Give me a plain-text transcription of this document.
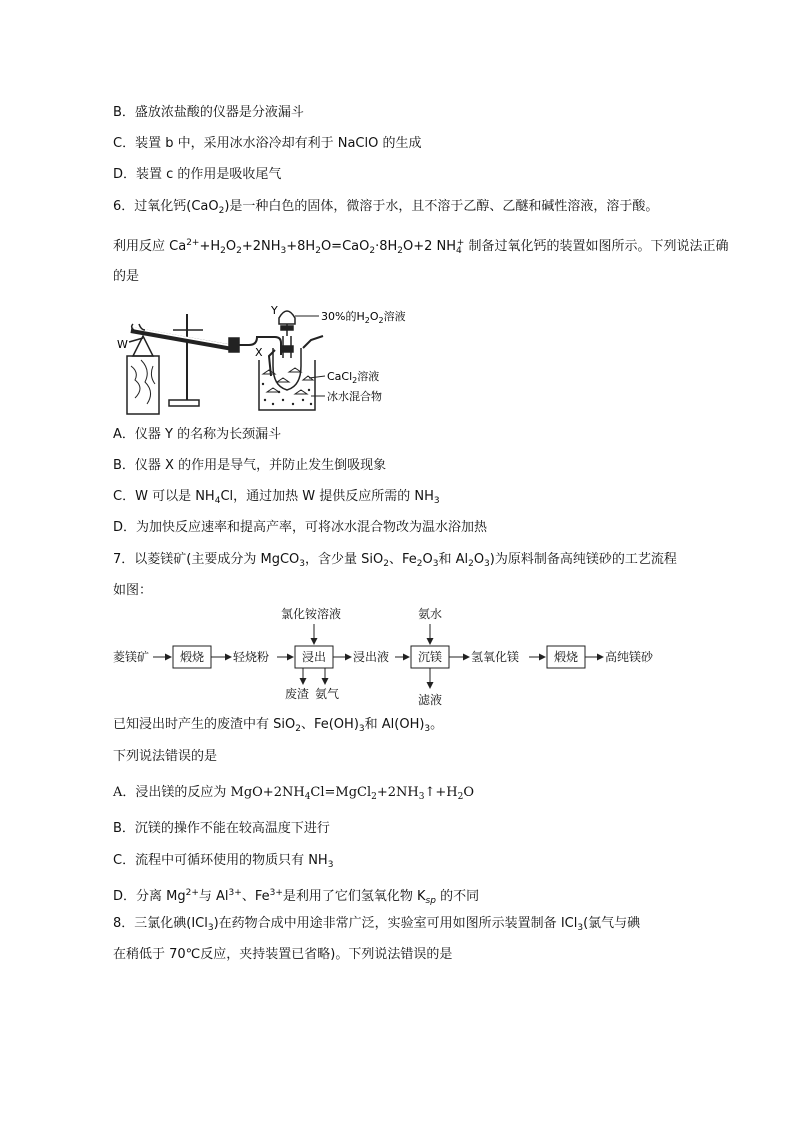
B．盛放浓盐酸的仪器是分液漏斗
C．装置 b 中，采用冰水浴冷却有利于 NaClO 的生成
D．装置 c 的作用是吸收尾气
6．过氧化钙(CaO$_2$)是一种白色的固体，微溶于水，且不溶于乙醇、乙醚和碱性溶液，溶于酸。
利用反应 $Ca^{2+}+H_2O_2+2NH_3+8H_2O=CaO_2\cdot 8H_2O+2$ $NH_4^+$ 制备过氧化钙的装置如图所示。下列说法正确
的是
W
Y
X
30%的$H_2O_2$溶液
CaCl$_2$溶液
冰水混合物
A．仪器 Y 的名称为长颈漏斗
B．仪器 X 的作用是导气，并防止发生倒吸现象
C．W 可以是 $NH_4Cl$，通过加热 W 提供反应所需的 $NH_3$
D．为加快反应速率和提高产率，可将冰水混合物改为温水浴加热
7．以菱镁矿(主要成分为 MgCO$_3$，含少量 SiO$_2$、$Fe_2O_3$和 $Al_2O_3$)为原料制备高纯镁砂的工艺流程
如图：
菱镁矿	煅烧 轻烧粉
氯化铵溶液
浸出 浸出液
氨水
沉镁 氢氧化镁	煅烧 高纯镁砂
废渣 氨气	滤液
已知浸出时产生的废渣中有 SiO$_2$、$Fe(OH)_3$和 $Al(OH)_3$。
下列说法错误的是
A．浸出镁的反应为 $MgO+2NH_4Cl=MgCl_2+2NH_3↑+H_2O$
B．沉镁的操作不能在较高温度下进行
C．流程中可循环使用的物质只有 $NH_3$
D．分离 $Mg^{2+}$与 $Al^{3+}$、$Fe^{3+}$是利用了它们氢氧化物 $K_{sp}$ 的不同
8．三氯化碘(ICl$_3$)在药物合成中用途非常广泛，实验室可用如图所示装置制备 ICl$_3$(氯气与碘
在稍低于 70℃反应，夹持装置已省略)。下列说法错误的是
